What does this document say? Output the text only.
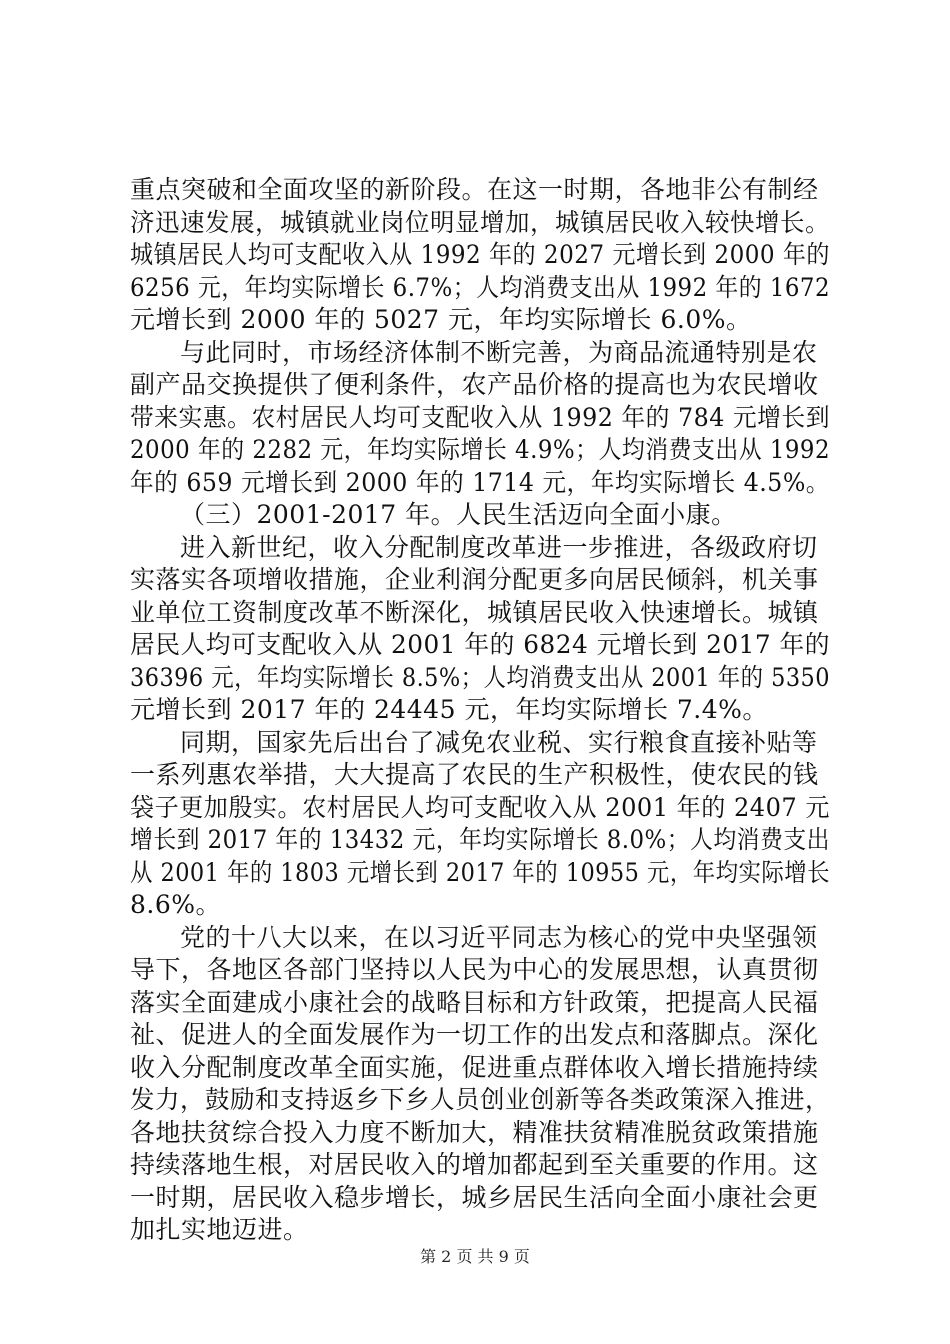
重点突破和全面攻坚的新阶段。在这一时期，各地非公有制经
济迅速发展，城镇就业岗位明显增加，城镇居民收入较快增长。
城镇居民人均可支配收入从 1992 年的 2027 元增长到 2000 年的
6256 元，年均实际增长 6.7%；人均消费支出从 1992 年的 1672
元增长到 2000 年的 5027 元，年均实际增长 6.0%。
与此同时，市场经济体制不断完善，为商品流通特别是农
副产品交换提供了便利条件，农产品价格的提高也为农民增收
带来实惠。农村居民人均可支配收入从 1992 年的 784 元增长到
2000 年的 2282 元，年均实际增长 4.9%；人均消费支出从 1992
年的 659 元增长到 2000 年的 1714 元，年均实际增长 4.5%。
（三）2001-2017 年。人民生活迈向全面小康。
进入新世纪，收入分配制度改革进一步推进，各级政府切
实落实各项增收措施，企业利润分配更多向居民倾斜，机关事
业单位工资制度改革不断深化，城镇居民收入快速增长。城镇
居民人均可支配收入从 2001 年的 6824 元增长到 2017 年的
36396 元，年均实际增长 8.5%；人均消费支出从 2001 年的 5350
元增长到 2017 年的 24445 元，年均实际增长 7.4%。
同期，国家先后出台了减免农业税、实行粮食直接补贴等
一系列惠农举措，大大提高了农民的生产积极性，使农民的钱
袋子更加殷实。农村居民人均可支配收入从 2001 年的 2407 元
增长到 2017 年的 13432 元，年均实际增长 8.0%；人均消费支出
从 2001 年的 1803 元增长到 2017 年的 10955 元，年均实际增长
8.6%。
党的十八大以来，在以习近平同志为核心的党中央坚强领
导下，各地区各部门坚持以人民为中心的发展思想，认真贯彻
落实全面建成小康社会的战略目标和方针政策，把提高人民福
祉、促进人的全面发展作为一切工作的出发点和落脚点。深化
收入分配制度改革全面实施，促进重点群体收入增长措施持续
发力，鼓励和支持返乡下乡人员创业创新等各类政策深入推进，
各地扶贫综合投入力度不断加大，精准扶贫精准脱贫政策措施
持续落地生根，对居民收入的增加都起到至关重要的作用。这
一时期，居民收入稳步增长，城乡居民生活向全面小康社会更
加扎实地迈进。
第 2 页 共 9 页
